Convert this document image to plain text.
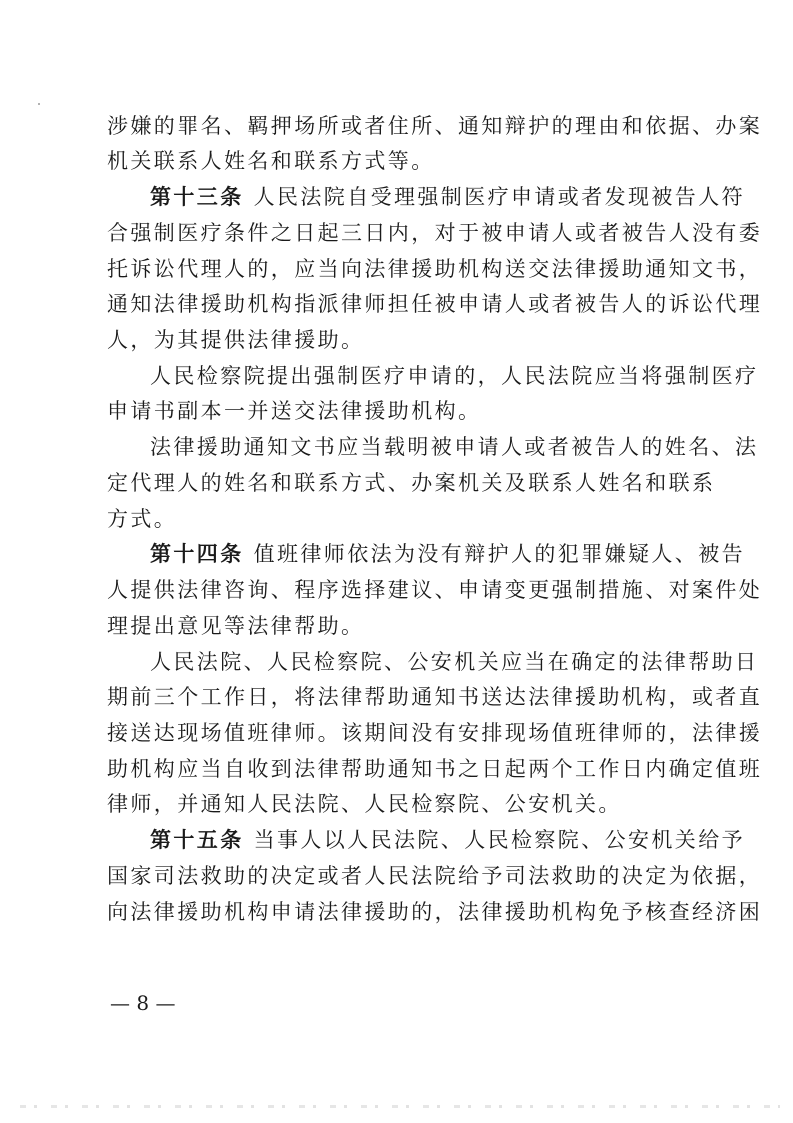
涉嫌的罪名、羁押场所或者住所、通知辩护的理由和依据、办案
机关联系人姓名和联系方式等。
第十三条 人民法院自受理强制医疗申请或者发现被告人符
合强制医疗条件之日起三日内，对于被申请人或者被告人没有委
托诉讼代理人的，应当向法律援助机构送交法律援助通知文书，
通知法律援助机构指派律师担任被申请人或者被告人的诉讼代理
人，为其提供法律援助。
人民检察院提出强制医疗申请的，人民法院应当将强制医疗
申请书副本一并送交法律援助机构。
法律援助通知文书应当载明被申请人或者被告人的姓名、法
定代理人的姓名和联系方式、办案机关及联系人姓名和联系
方式。
第十四条 值班律师依法为没有辩护人的犯罪嫌疑人、被告
人提供法律咨询、程序选择建议、申请变更强制措施、对案件处
理提出意见等法律帮助。
人民法院、人民检察院、公安机关应当在确定的法律帮助日
期前三个工作日，将法律帮助通知书送达法律援助机构，或者直
接送达现场值班律师。该期间没有安排现场值班律师的，法律援
助机构应当自收到法律帮助通知书之日起两个工作日内确定值班
律师，并通知人民法院、人民检察院、公安机关。
第十五条 当事人以人民法院、人民检察院、公安机关给予
国家司法救助的决定或者人民法院给予司法救助的决定为依据，
向法律援助机构申请法律援助的，法律援助机构免予核查经济困
— 8 —
